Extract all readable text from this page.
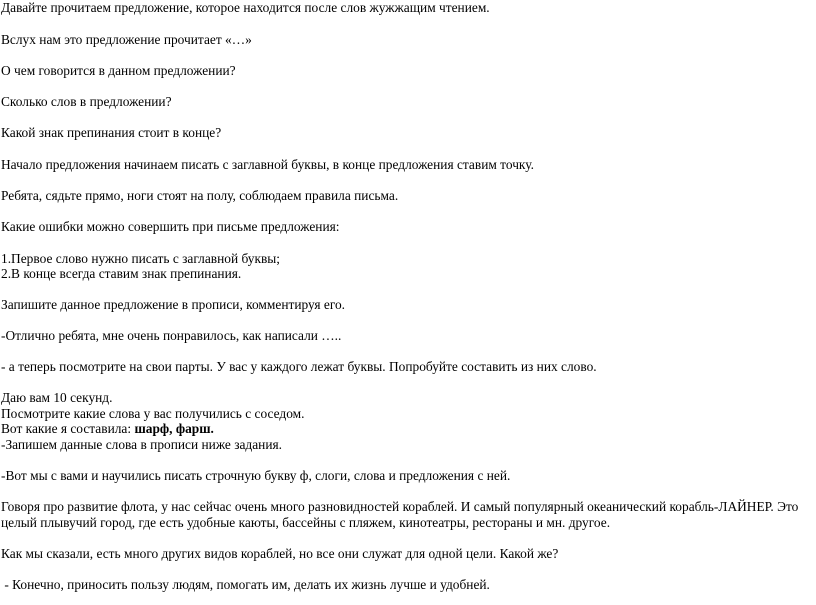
Давайте прочитаем предложение, которое находится после слов жужжащим чтением.
Вслух нам это предложение прочитает «…»
О чем говорится в данном предложении?
Сколько слов в предложении?
Какой знак препинания стоит в конце?
Начало предложения начинаем писать с заглавной буквы, в конце предложения ставим точку.
Ребята, сядьте прямо, ноги стоят на полу, соблюдаем правила письма.
Какие ошибки можно совершить при письме предложения:
1.Первое слово нужно писать с заглавной буквы;
2.В конце всегда ставим знак препинания.
Запишите данное предложение в прописи, комментируя его.
-Отлично ребята, мне очень понравилось, как написали …..
- а теперь посмотрите на свои парты. У вас у каждого лежат буквы. Попробуйте составить из них слово.
Даю вам 10 секунд.
Посмотрите какие слова у вас получились с соседом.
Вот какие я составила: шарф, фарш.
-Запишем данные слова в прописи ниже задания.
-Вот мы с вами и научились писать строчную букву ф, слоги, слова и предложения с ней.
Говоря про развитие флота, у нас сейчас очень много разновидностей кораблей. И самый популярный океанический корабль-ЛАЙНЕР. Это
целый плывучий город, где есть удобные каюты, бассейны с пляжем, кинотеатры, рестораны и мн. другое.
Как мы сказали, есть много других видов кораблей, но все они служат для одной цели. Какой же?
- Конечно, приносить пользу людям, помогать им, делать их жизнь лучше и удобней.
